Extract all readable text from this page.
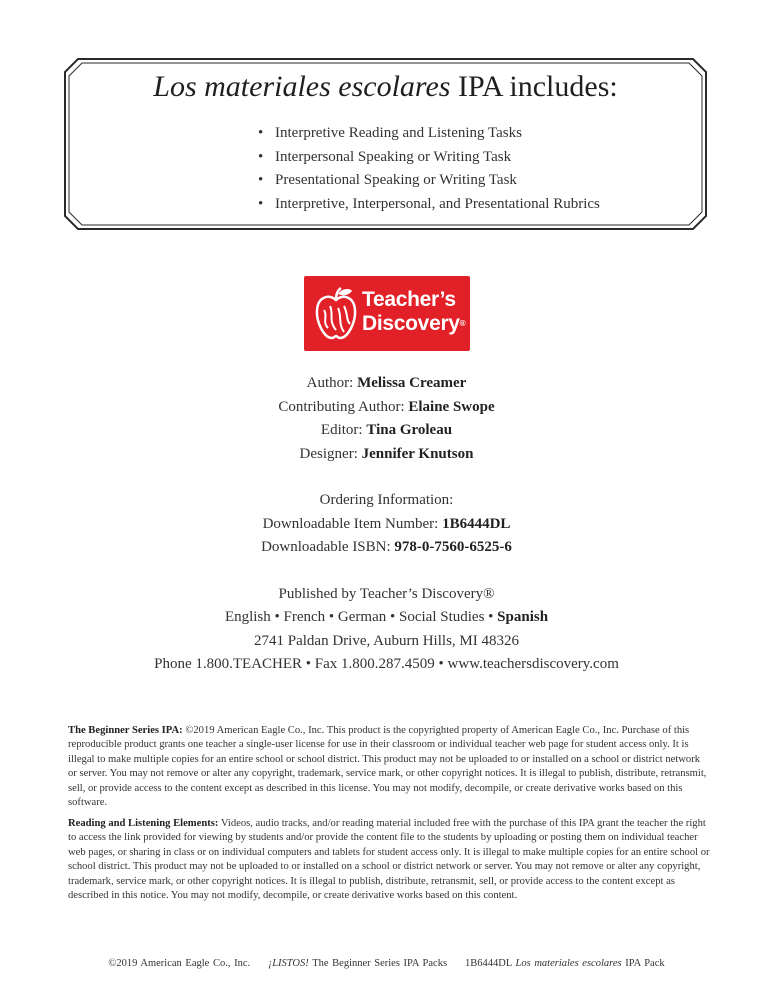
Los materiales escolares IPA includes:
• Interpretive Reading and Listening Tasks
• Interpersonal Speaking or Writing Task
• Presentational Speaking or Writing Task
• Interpretive, Interpersonal, and Presentational Rubrics
Teacher’s
Discovery®
Author: Melissa Creamer
Contributing Author: Elaine Swope
Editor: Tina Groleau
Designer: Jennifer Knutson
Ordering Information:
Downloadable Item Number: 1B6444DL
Downloadable ISBN: 978-0-7560-6525-6
Published by Teacher’s Discovery®
English • French • German • Social Studies • Spanish
2741 Paldan Drive, Auburn Hills, MI 48326
Phone 1.800.TEACHER • Fax 1.800.287.4509 • www.teachersdiscovery.com
The Beginner Series IPA: ©2019 American Eagle Co., Inc. This product is the copyrighted property of American Eagle Co., Inc. Purchase of this reproducible product grants one teacher a single-user license for use in their classroom or individual teacher web page for student access only. It is illegal to make multiple copies for an entire school or school district. This product may not be uploaded to or installed on a school or district network or server. You may not remove or alter any copyright, trademark, service mark, or other copyright notices. It is illegal to publish, distribute, retransmit, sell, or provide access to the content except as described in this license. You may not modify, decompile, or create derivative works based on this software.
Reading and Listening Elements: Videos, audio tracks, and/or reading material included free with the purchase of this IPA grant the teacher the right to access the link provided for viewing by students and/or provide the content file to the students by uploading or posting them on individual teacher web pages, or sharing in class or on individual computers and tablets for student access only. It is illegal to make multiple copies for an entire school or school district. This product may not be uploaded to or installed on a school or district network or server. You may not remove or alter any copyright, trademark, service mark, or other copyright notices. It is illegal to publish, distribute, retransmit, sell, or provide access to the content except as described in this notice. You may not modify, decompile, or create derivative works based on this content.
©2019 American Eagle Co., Inc. ¡LISTOS! The Beginner Series IPA Packs 1B6444DL Los materiales escolares IPA Pack
